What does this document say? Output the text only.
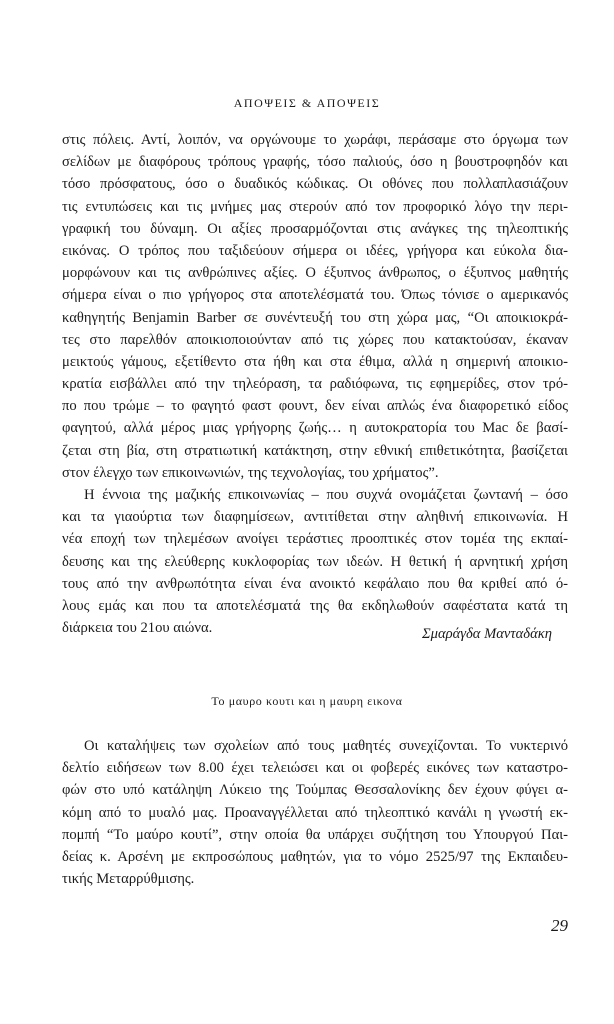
ΑΠΟΨΕΙΣ & ΑΠΟΨΕΙΣ
στις πόλεις. Αντί, λοιπόν, να οργώνουμε το χωράφι, περάσαμε στο όργωμα των
σελίδων με διαφόρους τρόπους γραφής, τόσο παλιούς, όσο η βουστροφηδόν και
τόσο πρόσφατους, όσο ο δυαδικός κώδικας. Οι οθόνες που πολλαπλασιάζουν
τις εντυπώσεις και τις μνήμες μας στερούν από τον προφορικό λόγο την περι-
γραφική του δύναμη. Οι αξίες προσαρμόζονται στις ανάγκες της τηλεοπτικής
εικόνας. Ο τρόπος που ταξιδεύουν σήμερα οι ιδέες, γρήγορα και εύκολα δια-
μορφώνουν και τις ανθρώπινες αξίες. Ο έξυπνος άνθρωπος, ο έξυπνος μαθητής
σήμερα είναι ο πιο γρήγορος στα αποτελέσματά του. Όπως τόνισε ο αμερικανός
καθηγητής Benjamin Barber σε συνέντευξή του στη χώρα μας, “Οι αποικιοκρά-
τες στο παρελθόν αποικιοποιούνταν από τις χώρες που κατακτούσαν, έκαναν
μεικτούς γάμους, εξετίθεντο στα ήθη και στα έθιμα, αλλά η σημερινή αποικιο-
κρατία εισβάλλει από την τηλεόραση, τα ραδιόφωνα, τις εφημερίδες, στον τρό-
πο που τρώμε – το φαγητό φαστ φουντ, δεν είναι απλώς ένα διαφορετικό είδος
φαγητού, αλλά μέρος μιας γρήγορης ζωής… η αυτοκρατορία του Mac δε βασί-
ζεται στη βία, στη στρατιωτική κατάκτηση, στην εθνική επιθετικότητα, βασίζεται
στον έλεγχο των επικοινωνιών, της τεχνολογίας, του χρήματος”.
Η έννοια της μαζικής επικοινωνίας – που συχνά ονομάζεται ζωντανή – όσο
και τα γιαούρτια των διαφημίσεων, αντιτίθεται στην αληθινή επικοινωνία. Η
νέα εποχή των τηλεμέσων ανοίγει τεράστιες προοπτικές στον τομέα της εκπαί-
δευσης και της ελεύθερης κυκλοφορίας των ιδεών. Η θετική ή αρνητική χρήση
τους από την ανθρωπότητα είναι ένα ανοικτό κεφάλαιο που θα κριθεί από ό-
λους εμάς και που τα αποτελέσματά της θα εκδηλωθούν σαφέστατα κατά τη
διάρκεια του 21ου αιώνα.	Σμαράγδα Μανταδάκη
Το μαυρο κουτι και η μαυρη εικονα
Οι καταλήψεις των σχολείων από τους μαθητές συνεχίζονται. Το νυκτερινό
δελτίο ειδήσεων των 8.00 έχει τελειώσει και οι φοβερές εικόνες των καταστρο-
φών στο υπό κατάληψη Λύκειο της Τούμπας Θεσσαλονίκης δεν έχουν φύγει α-
κόμη από το μυαλό μας. Προαναγγέλλεται από τηλεοπτικό κανάλι η γνωστή εκ-
πομπή “Το μαύρο κουτί”, στην οποία θα υπάρχει συζήτηση του Υπουργού Παι-
δείας κ. Αρσένη με εκπροσώπους μαθητών, για το νόμο 2525/97 της Εκπαιδευ-
τικής Μεταρρύθμισης.
29
